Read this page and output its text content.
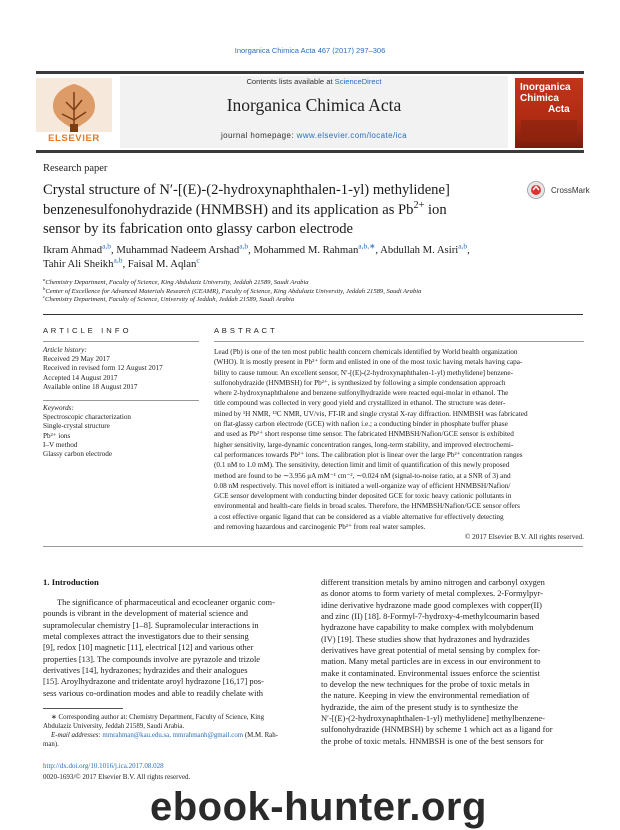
Inorganica Chimica Acta 467 (2017) 297–306
ELSEVIER
Contents lists available at ScienceDirect
Inorganica Chimica Acta
journal homepage: www.elsevier.com/locate/ica
Inorganica
Chimica
Acta
Research paper
Crystal structure of N′-[(E)-(2-hydroxynaphthalen-1-yl) methylidene]
benzenesulfonohydrazide (HNMBSH) and its application as $Pb^{2+}$ ion
sensor by its fabrication onto glassy carbon electrode
CrossMark
Ikram Ahmad$^{a,b}$, Muhammad Nadeem Arshad$^{a,b}$, Mohammed M. Rahman$^{a,b,∗}$, Abdullah M. Asiri$^{a,b}$,
Tahir Ali Sheikh$^{a,b}$, Faisal M. Aqlan$^c$
$^a$Chemistry Department, Faculty of Science, King Abdulaziz University, Jeddah 21589, Saudi Arabia
$^b$Center of Excellence for Advanced Materials Research (CEAMR), Faculty of Science, King Abdulaziz University, Jeddah 21589, Saudi Arabia
$^c$Chemistry Department, Faculty of Science, University of Jeddah, Jeddah 21589, Saudi Arabia
A R T I C L E   I N F O
Article history:
Received 29 May 2017
Received in revised form 12 August 2017
Accepted 14 August 2017
Available online 18 August 2017
Keywords:
Spectroscopic characterization
Single-crystal structure
Pb²⁺ ions
I–V method
Glassy carbon electrode
A B S T R A C T
Lead (Pb) is one of the ten most public health concern chemicals identified by World health organization
(WHO). It is mostly present in Pb²⁺ form and enlisted in one of the most toxic having metals having capa-
bility to cause tumour. An excellent sensor, N′-[(E)-(2-hydroxynaphthalen-1-yl) methylidene] benzene-
sulfonohydrazide (HNMBSH) for Pb²⁺, is synthesized by following a simple condensation approach
where 2-hydroxynaphthalene and benzene sulfonylhydrazide were reacted equi-molar in ethanol. The
title compound was collected in very good yield and crystallized in ethanol. The structure was deter-
mined by ¹H NMR, ¹³C NMR, UV/vis, FT-IR and single crystal X-ray diffraction. HNMBSH was fabricated
on flat-glassy carbon electrode (GCE) with nafion i.e.; a conducting binder in phosphate buffer phase
and used as Pb²⁺ short response time sensor. The fabricated HNMBSH/Nafion/GCE sensor is exhibited
higher sensitivity, large-dynamic concentration ranges, long-term stability, and improved electrochemi-
cal performances towards Pb²⁺ ions. The calibration plot is linear over the large Pb²⁺ concentration ranges
(0.1 nM to 1.0 mM). The sensitivity, detection limit and limit of quantification of this newly proposed
method are found to be ∼3.956 μA mM⁻¹ cm⁻², ∼0.024 nM (signal-to-noise ratio, at a SNR of 3) and
0.08 nM respectively. This novel effort is initiated a well-organize way of efficient HNMBSH/Nafion/
GCE sensor development with conducting binder deposited GCE for toxic heavy cationic pollutants in
environmental and health-care fields in broad scales. Therefore, the HNMBSH/Nafion/GCE sensor offers
a cost effective organic ligand that can be considered as a viable alternative for effectively detecting
and removing hazardous and carcinogenic Pb²⁺ from real water samples.
© 2017 Elsevier B.V. All rights reserved.
1. Introduction
The significance of pharmaceutical and ecocleaner organic com-
pounds is vibrant in the development of material science and
supramolecular chemistry [1–8]. Supramolecular interactions in
metal complexes attract the investigators due to their sensing
[9], redox [10] magnetic [11], electrical [12] and various other
properties [13]. The compounds involve are pyrazole and trizole
derivatives [14], hydrazones; hydrazides and their analogues
[15]. Aroylhydrazone and tridentate aroyl hydrazone [16,17] pos-
sess various co-ordination modes and able to readily chelate with
different transition metals by amino nitrogen and carbonyl oxygen
as donor atoms to form variety of metal complexes. 2-Formylpyr-
idine derivative hydrazone made good complexes with copper(II)
and zinc (II) [18]. 8-Formyl-7-hydroxy-4-methylcoumarin based
hydrazone have capability to make complex with molybdenum
(IV) [19]. These studies show that hydrazones and hydrazides
derivatives have great potential of metal sensing by complex for-
mation. Many metal particles are in excess in our environment to
make it contaminated. Environmental issues enforce the scientist
to develop the new techniques for the probe of toxic metals in
the nature. Keeping in view the environmental remediation of
hydrazide, the aim of the present study is to synthesize the
N′-[(E)-(2-hydroxynaphthalen-1-yl) methylidene] methylbenzene-
sulfonohydrazide (HNMBSH) by scheme 1 which act as a ligand for
the probe of toxic metals. HNMBSH is one of the best sensors for
∗ Corresponding author at: Chemistry Department, Faculty of Science, King
Abdulaziz University, Jeddah 21589, Saudi Arabia.
E-mail addresses: mmrahman@kau.edu.sa, mmrahmanh@gmail.com (M.M. Rah-
man).
http://dx.doi.org/10.1016/j.ica.2017.08.028
0020-1693/© 2017 Elsevier B.V. All rights reserved.
ebook-hunter.org
